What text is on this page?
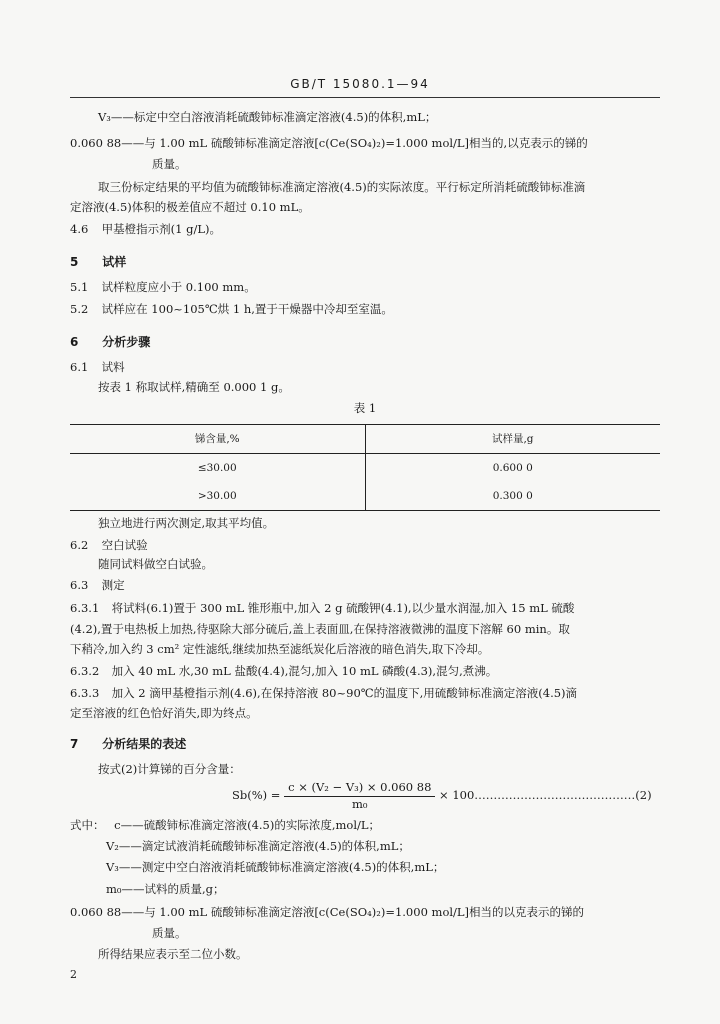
GB/T 15080.1—94
V₃——标定中空白溶液消耗硫酸铈标准滴定溶液(4.5)的体积,mL；
0.060 88——与 1.00 mL 硫酸铈标准滴定溶液[c(Ce(SO₄)₂)=1.000 mol/L]相当的,以克表示的锑的
质量。
取三份标定结果的平均值为硫酸铈标准滴定溶液(4.5)的实际浓度。平行标定所消耗硫酸铈标准滴
定溶液(4.5)体积的极差值应不超过 0.10 mL。
4.6 甲基橙指示剂(1 g/L)。
5 试样
5.1 试样粒度应小于 0.100 mm。
5.2 试样应在 100~105℃烘 1 h,置于干燥器中冷却至室温。
6 分析步骤
6.1 试料
按表 1 称取试样,精确至 0.000 1 g。
表 1
锑含量,%	试样量,g
≤30.00	0.600 0
>30.00	0.300 0
独立地进行两次测定,取其平均值。
6.2 空白试验
随同试料做空白试验。
6.3 测定
6.3.1 将试料(6.1)置于 300 mL 锥形瓶中,加入 2 g 硫酸钾(4.1),以少量水润湿,加入 15 mL 硫酸
(4.2),置于电热板上加热,待驱除大部分硫后,盖上表面皿,在保持溶液微沸的温度下溶解 60 min。取
下稍冷,加入约 3 cm² 定性滤纸,继续加热至滤纸炭化后溶液的暗色消失,取下冷却。
6.3.2 加入 40 mL 水,30 mL 盐酸(4.4),混匀,加入 10 mL 磷酸(4.3),混匀,煮沸。
6.3.3 加入 2 滴甲基橙指示剂(4.6),在保持溶液 80~90℃的温度下,用硫酸铈标准滴定溶液(4.5)滴
定至溶液的红色恰好消失,即为终点。
7 分析结果的表述
按式(2)计算锑的百分含量：
$Sb(\%) = \frac{\text{c × (V₂ − V₃) × 0.060 88}}{\text{m₀}}$ × 100……………………………………(2)
式中： c——硫酸铈标准滴定溶液(4.5)的实际浓度,mol/L；
V₂——滴定试液消耗硫酸铈标准滴定溶液(4.5)的体积,mL；
V₃——测定中空白溶液消耗硫酸铈标准滴定溶液(4.5)的体积,mL；
m₀——试料的质量,g；
0.060 88——与 1.00 mL 硫酸铈标准滴定溶液[c(Ce(SO₄)₂)=1.000 mol/L]相当的以克表示的锑的
质量。
所得结果应表示至二位小数。
2
